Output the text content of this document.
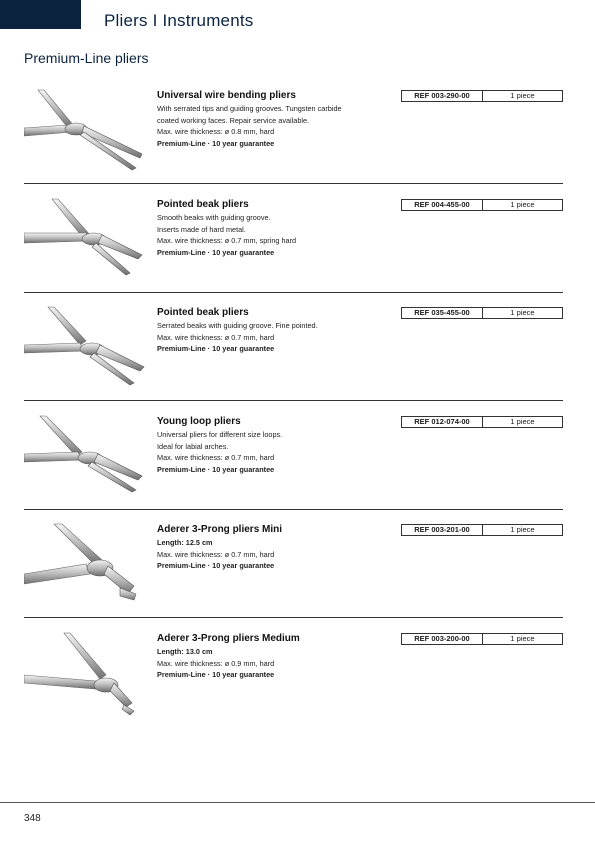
Pliers I Instruments
Premium-Line pliers
Universal wire bending pliers
With serrated tips and guiding grooves. Tungsten carbide
coated working faces. Repair service available.
Max. wire thickness: ø 0.8 mm, hard
Premium-Line · 10 year guarantee
REF 003-290-00	1 piece
Pointed beak pliers
Smooth beaks with guiding groove.
Inserts made of hard metal.
Max. wire thickness: ø 0.7 mm, spring hard
Premium-Line · 10 year guarantee
REF 004-455-00	1 piece
Pointed beak pliers
Serrated beaks with guiding groove. Fine pointed.
Max. wire thickness: ø 0.7 mm, hard
Premium-Line · 10 year guarantee
REF 035-455-00	1 piece
Young loop pliers
Universal pliers for different size loops.
Ideal for labial arches.
Max. wire thickness: ø 0.7 mm, hard
Premium-Line · 10 year guarantee
REF 012-074-00	1 piece
Aderer 3-Prong pliers Mini
Length: 12.5 cm
Max. wire thickness: ø 0.7 mm, hard
Premium-Line · 10 year guarantee
REF 003-201-00	1 piece
Aderer 3-Prong pliers Medium
Length: 13.0 cm
Max. wire thickness: ø 0.9 mm, hard
Premium-Line · 10 year guarantee
REF 003-200-00	1 piece
348
